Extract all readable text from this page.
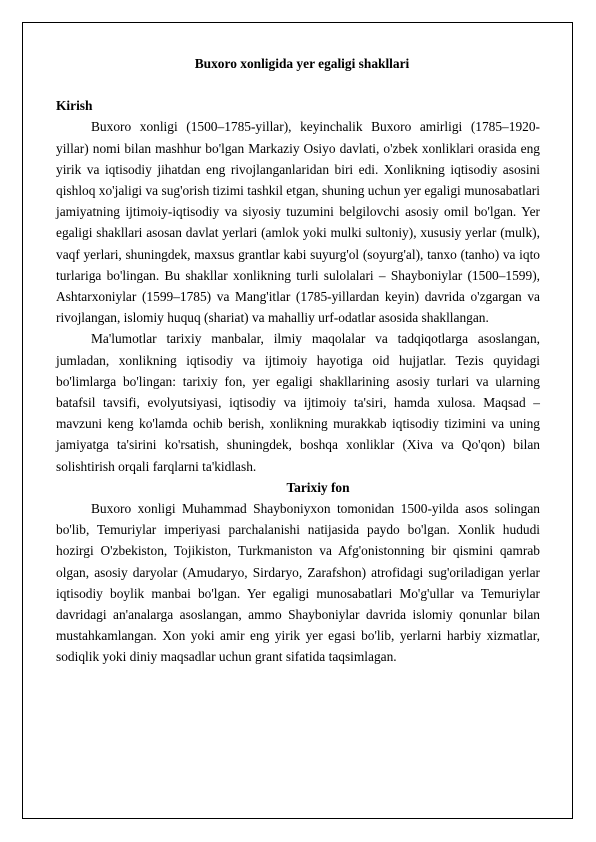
Buxoro xonligida yer egaligi shakllari

Kirish

Buxoro xonligi (1500–1785-yillar), keyinchalik Buxoro amirligi (1785–1920-yillar) nomi bilan mashhur bo'lgan Markaziy Osiyo davlati, o'zbek xonliklari orasida eng yirik va iqtisodiy jihatdan eng rivojlanganlaridan biri edi. Xonlikning iqtisodiy asosini qishloq xo'jaligi va sug'orish tizimi tashkil etgan, shuning uchun yer egaligi munosabatlari jamiyatning ijtimoiy-iqtisodiy va siyosiy tuzumini belgilovchi asosiy omil bo'lgan. Yer egaligi shakllari asosan davlat yerlari (amlok yoki mulki sultoniy), xususiy yerlar (mulk), vaqf yerlari, shuningdek, maxsus grantlar kabi suyurg'ol (soyurg'al), tanxo (tanho) va iqto turlariga bo'lingan. Bu shakllar xonlikning turli sulolalari – Shayboniylar (1500–1599), Ashtarxoniylar (1599–1785) va Mang'itlar (1785-yillardan keyin) davrida o'zgargan va rivojlangan, islomiy huquq (shariat) va mahalliy urf-odatlar asosida shakllangan.

Ma'lumotlar tarixiy manbalar, ilmiy maqolalar va tadqiqotlarga asoslangan, jumladan, xonlikning iqtisodiy va ijtimoiy hayotiga oid hujjatlar. Tezis quyidagi bo'limlarga bo'lingan: tarixiy fon, yer egaligi shakllarining asosiy turlari va ularning batafsil tavsifi, evolyutsiyasi, iqtisodiy va ijtimoiy ta'siri, hamda xulosa. Maqsad – mavzuni keng ko'lamda ochib berish, xonlikning murakkab iqtisodiy tizimini va uning jamiyatga ta'sirini ko'rsatish, shuningdek, boshqa xonliklar (Xiva va Qo'qon) bilan solishtirish orqali farqlarni ta'kidlash.

Tarixiy fon

Buxoro xonligi Muhammad Shayboniyxon tomonidan 1500-yilda asos solingan bo'lib, Temuriylar imperiyasi parchalanishi natijasida paydo bo'lgan. Xonlik hududi hozirgi O'zbekiston, Tojikiston, Turkmaniston va Afg'onistonning bir qismini qamrab olgan, asosiy daryolar (Amudaryo, Sirdaryo, Zarafshon) atrofidagi sug'oriladigan yerlar iqtisodiy boylik manbai bo'lgan. Yer egaligi munosabatlari Mo'g'ullar va Temuriylar davridagi an'analarga asoslangan, ammo Shayboniylar davrida islomiy qonunlar bilan mustahkamlangan. Xon yoki amir eng yirik yer egasi bo'lib, yerlarni harbiy xizmatlar, sodiqlik yoki diniy maqsadlar uchun grant sifatida taqsimlagan.
